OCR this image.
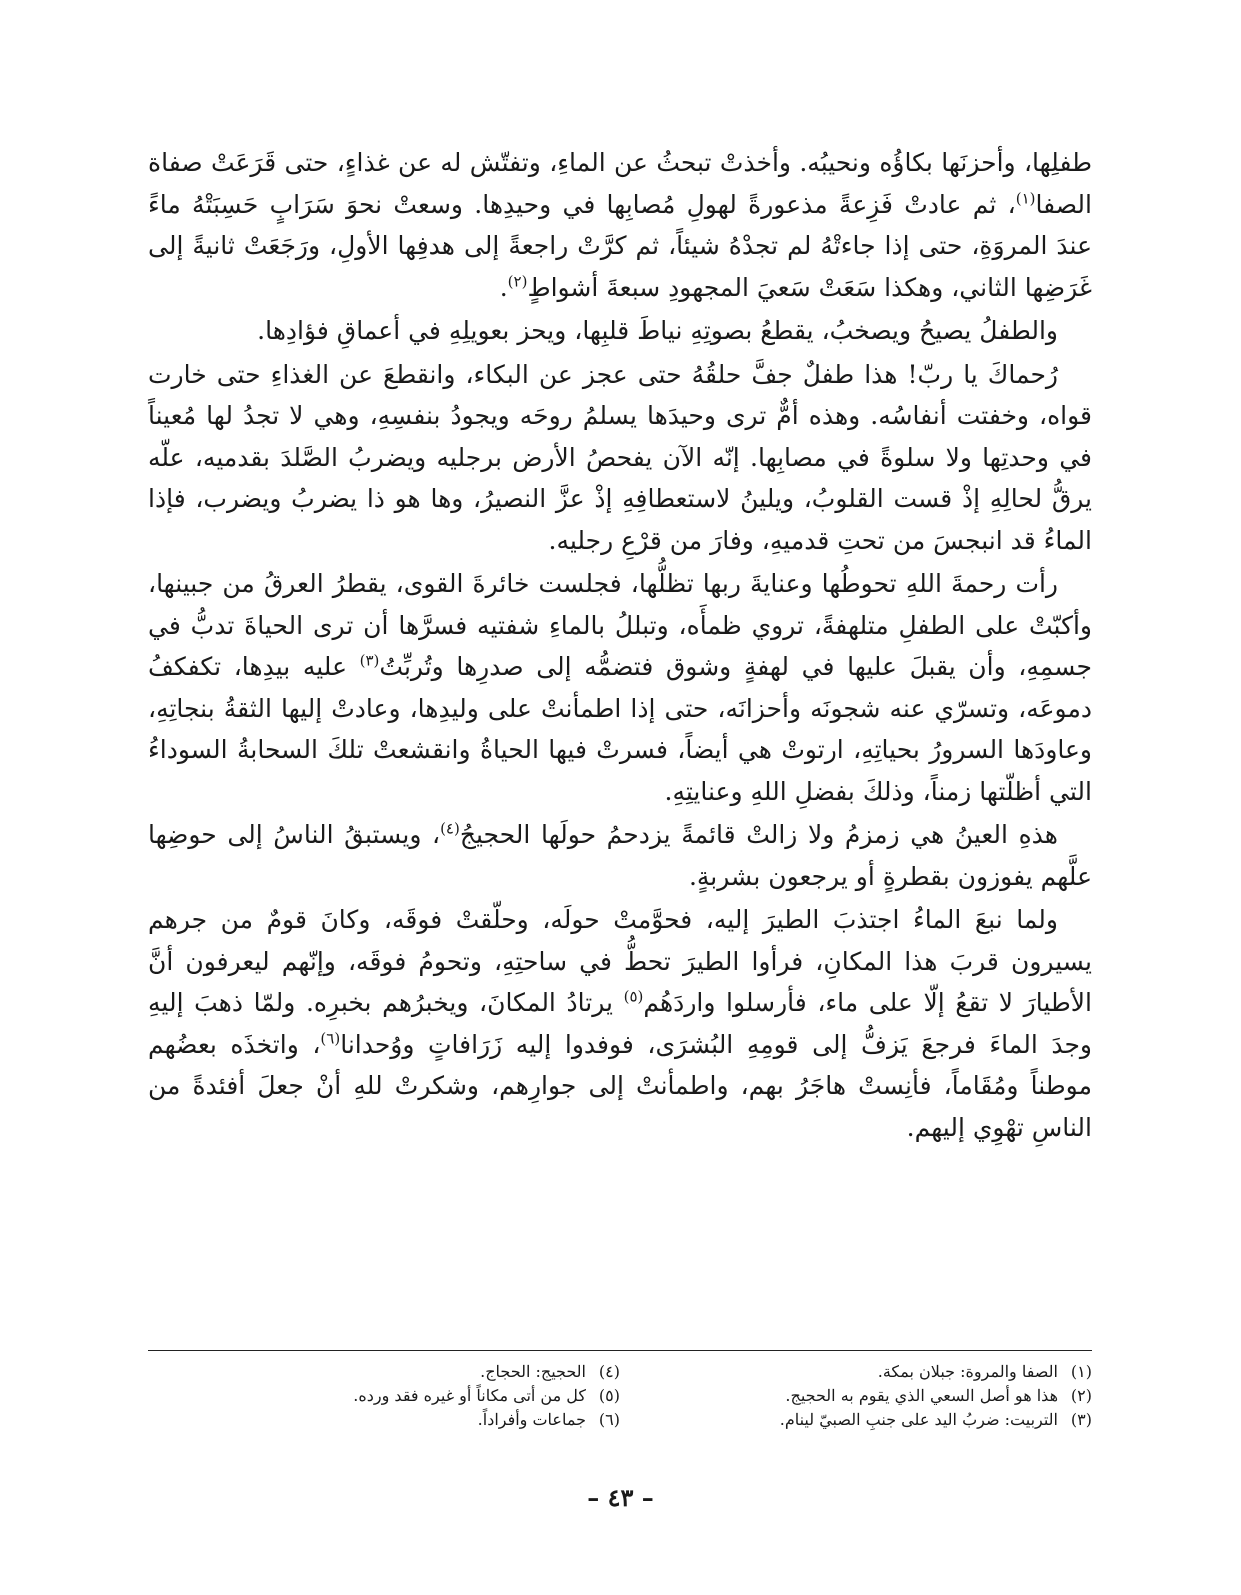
طفلِها، وأحزنَها بكاؤُه ونحيبُه. وأخذتْ تبحثُ عن الماءِ، وتفتّش له عن غذاءٍ، حتى قَرَعَتْ صفاة الصفا$^{(١)}$، ثم عادتْ فَزِعةً مذعورةً لهولِ مُصابِها في وحيدِها. وسعتْ نحوَ سَرَابٍ حَسِبَتْهُ ماءً عندَ المروَةِ، حتى إذا جاءتْهُ لم تجدْهُ شيئاً، ثم كرَّتْ راجعةً إلى هدفِها الأولِ، ورَجَعَتْ ثانيةً إلى غَرَضِها الثاني، وهكذا سَعَتْ سَعيَ المجهودِ سبعةَ أشواطٍ$^{(٢)}$.

والطفلُ يصيحُ ويصخبُ، يقطعُ بصوتِهِ نياطَ قلبِها، ويحز بعويلِهِ في أعماقِ فؤادِها.

رُحماكَ يا ربّ! هذا طفلٌ جفَّ حلقُهُ حتى عجز عن البكاء، وانقطعَ عن الغذاءِ حتى خارت قواه، وخفتت أنفاسُه. وهذه أمٌّ ترى وحيدَها يسلمُ روحَه ويجودُ بنفسِهِ، وهي لا تجدُ لها مُعيناً في وحدتِها ولا سلوةً في مصابِها. إنّه الآن يفحصُ الأرض برجليه ويضربُ الصَّلدَ بقدميه، علّه يرقُّ لحالِهِ إذْ قست القلوبُ، ويلينُ لاستعطافِهِ إذْ عزَّ النصيرُ، وها هو ذا يضربُ ويضرب، فإذا الماءُ قد انبجسَ من تحتِ قدميهِ، وفارَ من قرْعِ رجليه.

رأت رحمةَ اللهِ تحوطُها وعنايةَ ربها تظلُّها، فجلست خائرةَ القوى، يقطرُ العرقُ من جبينها، وأكبّتْ على الطفلِ متلهفةً، تروي ظمأَه، وتبللُ بالماءِ شفتيه فسرَّها أن ترى الحياةَ تدبُّ في جسمِهِ، وأن يقبلَ عليها في لهفةٍ وشوق فتضمُّه إلى صدرِها وتُربِّتُ$^{(٣)}$ عليه بيدِها، تكفكفُ دموعَه، وتسرّي عنه شجونَه وأحزانَه، حتى إذا اطمأنتْ على وليدِها، وعادتْ إليها الثقةُ بنجاتِهِ، وعاودَها السرورُ بحياتِهِ، ارتوتْ هي أيضاً، فسرتْ فيها الحياةُ وانقشعتْ تلكَ السحابةُ السوداءُ التي أظلّتها زمناً، وذلكَ بفضلِ اللهِ وعنايتِهِ.

هذهِ العينُ هي زمزمُ ولا زالتْ قائمةً يزدحمُ حولَها الحجيجُ$^{(٤)}$، ويستبقُ الناسُ إلى حوضِها علَّهم يفوزون بقطرةٍ أو يرجعون بشربةٍ.

ولما نبعَ الماءُ اجتذبَ الطيرَ إليه، فحوَّمتْ حولَه، وحلّقتْ فوقَه، وكانَ قومٌ من جرهم يسيرون قربَ هذا المكانِ، فرأوا الطيرَ تحطُّ في ساحتِهِ، وتحومُ فوقَه، وإنّهم ليعرفون أنَّ الأطيارَ لا تقعُ إلّا على ماء، فأرسلوا واردَهُم$^{(٥)}$ يرتادُ المكانَ، ويخبرُهم بخبرِه. ولمّا ذهبَ إليهِ وجدَ الماءَ فرجعَ يَزفُّ إلى قومِهِ البُشرَى، فوفدوا إليه زَرَافاتٍ ووُحدانا$^{(٦)}$، واتخذَه بعضُهم موطناً ومُقَاماً، فأنِستْ هاجَرُ بهم، واطمأنتْ إلى جوارِهم، وشكرتْ للهِ أنْ جعلَ أفئدةً من الناسِ تهْوِي إليهم.

(١)
الصفا والمروة: جبلان بمكة.
(٢)
هذا هو أصل السعي الذي يقوم به الحجيج.
(٣)
التربيت: ضربُ اليد على جنبِ الصبيّ لينام.
(٤)
الحجيج: الحجاج.
(٥)
كل من أتى مكاناً أو غيره فقد ورده.
(٦)
جماعات وأفراداً.
– ٤٣ –
